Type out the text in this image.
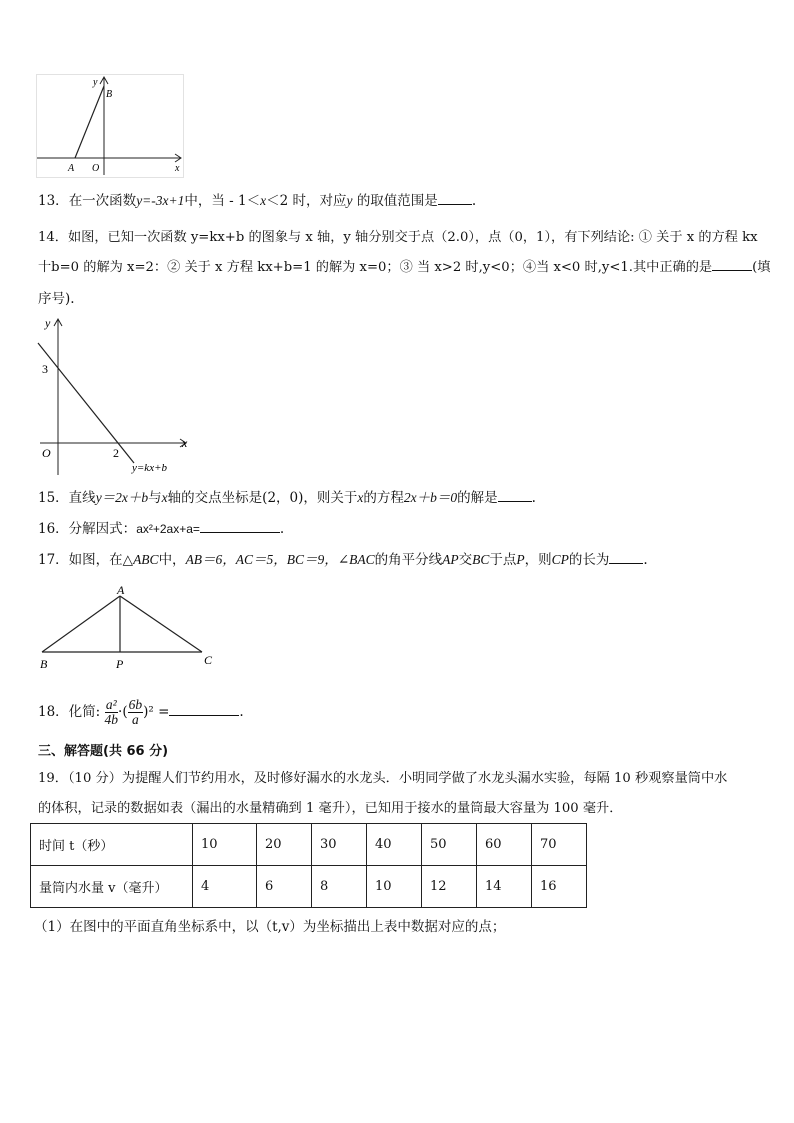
y
B
A O	x
13．在一次函数y=-3x+1中，当 - 1＜x＜2 时，对应y 的取值范围是	.
14．如图，已知一次函数 y=kx+b 的图象与 x 轴，y 轴分别交于点（2.0），点（0，1），有下列结论: ① 关于 x 的方程 kx
十b=0 的解为 x=2：② 关于 x 方程 kx+b=1 的解为 x=0；③ 当 x>2 时,y<0；④当 x<0 时,y<1.其中正确的是	(填
序号).
y
3
O	2
x
y=kx+b
15．直线y＝2x＋b与x轴的交点坐标是(2，0)，则关于x的方程2x＋b＝0的解是	.
16．分解因式：ax²+2ax+a=	.
17．如图，在△ABC中，AB＝6，AC＝5，BC＝9，∠BAC的角平分线AP交BC于点P，则CP的长为	.
A
B	P	C
18．化简: $\frac{\text{a²}}{4b}$ ·( $\frac{6b}{a} )^2$ =	.
三、解答题(共 66 分)
19．（10 分）为提醒人们节约用水，及时修好漏水的水龙头．小明同学做了水龙头漏水实验，每隔 10 秒观察量筒中水
的体积，记录的数据如表（漏出的水量精确到 1 毫升），已知用于接水的量筒最大容量为 100 毫升．
时间 t（秒）	10	20	30	40	50	60	70
量筒内水量 v（毫升）	4	6	8	10	12	14	16
（1）在图中的平面直角坐标系中，以（t,v）为坐标描出上表中数据对应的点；
